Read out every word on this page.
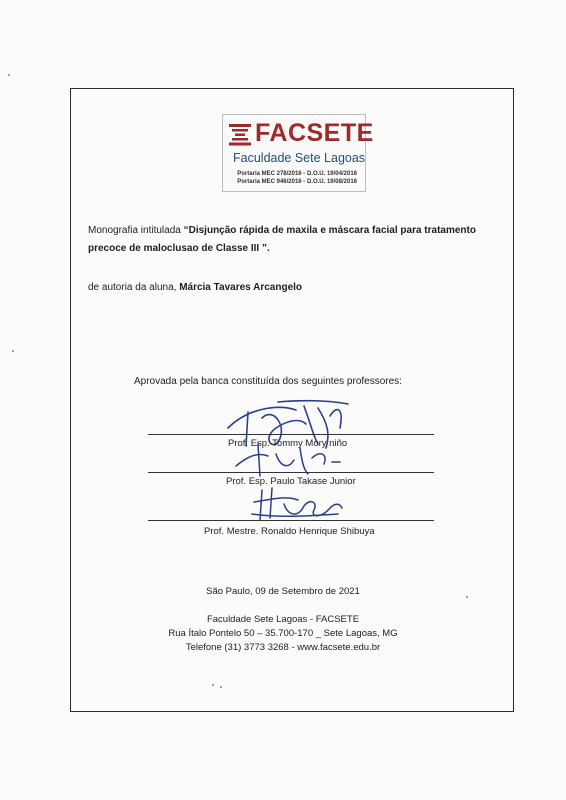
FACSETE
Faculdade Sete Lagoas
Portaria MEC 278/2016 - D.O.U. 19/04/2016
Portaria MEC 946/2016 - D.O.U. 19/08/2016
Monografia intitulada “Disjunção rápida de maxila e máscara facial para tratamento precoce de maloclusao de Classe III ”.
de autoria da aluna, Márcia Tavares Arcangelo
Aprovada pela banca constituída dos seguintes professores:
Prof. Esp. Tommy Mory niño
Prof. Esp. Paulo Takase Junior
Prof. Mestre. Ronaldo Henrique Shibuya
São Paulo, 09 de Setembro de 2021
Faculdade Sete Lagoas - FACSETE
Rua Ítalo Pontelo 50 – 35.700-170 _ Sete Lagoas, MG
Telefone (31) 3773 3268 - www.facsete.edu.br
